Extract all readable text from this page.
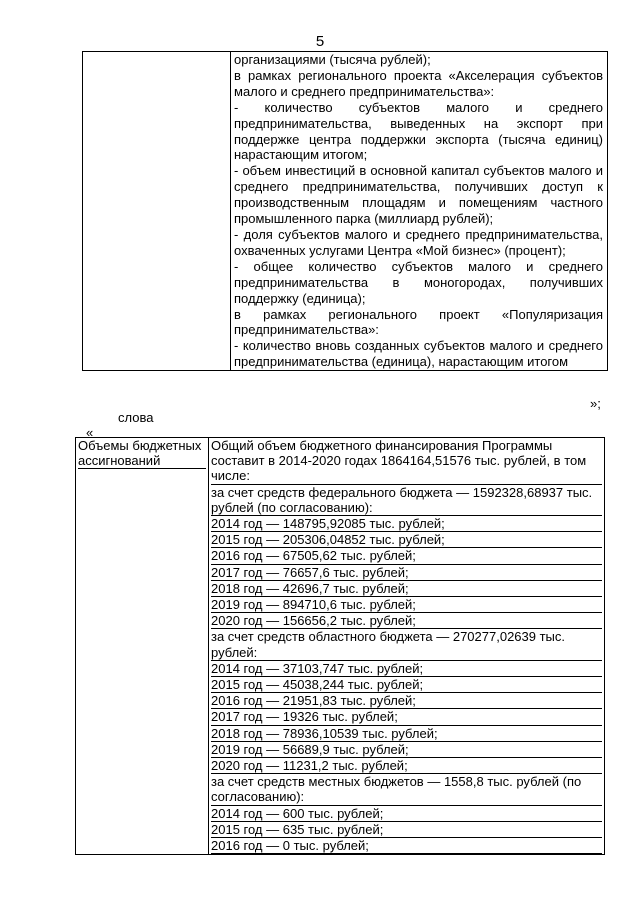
5

организациями (тысяча рублей);

в рамках регионального проекта «Акселерация субъектов малого и среднего предпринимательства»:

- количество субъектов малого и среднего предпринимательства, выведенных на экспорт при поддержке центра поддержки экспорта (тысяча единиц) нарастающим итогом;

- объем инвестиций в основной капитал субъектов малого и среднего предпринимательства, получивших доступ к производственным площадям и помещениям частного промышленного парка (миллиард рублей);

- доля субъектов малого и среднего предпринимательства, охваченных услугами Центра «Мой бизнес» (процент);

- общее количество субъектов малого и среднего предпринимательства в моногородах, получивших поддержку (единица);

в рамках регионального проект «Популяризация предпринимательства»:

- количество вновь созданных субъектов малого и среднего предпринимательства (единица), нарастающим итогом

»;
слова
«
Объемы бюджетных ассигнований

Общий объем бюджетного финансирования Программы составит в 2014-2020 годах 1864164,51576 тыс. рублей, в том числе:

за счет средств федерального бюджета — 1592328,68937 тыс. рублей (по согласованию):

2014 год — 148795,92085 тыс. рублей;

2015 год — 205306,04852 тыс. рублей;

2016 год — 67505,62 тыс. рублей;

2017 год — 76657,6 тыс. рублей;

2018 год — 42696,7 тыс. рублей;

2019 год — 894710,6 тыс. рублей;

2020 год — 156656,2 тыс. рублей;

за счет средств областного бюджета — 270277,02639 тыс. рублей:

2014 год — 37103,747 тыс. рублей;

2015 год — 45038,244 тыс. рублей;

2016 год — 21951,83 тыс. рублей;

2017 год — 19326 тыс. рублей;

2018 год — 78936,10539 тыс. рублей;

2019 год — 56689,9 тыс. рублей;

2020 год — 11231,2 тыс. рублей;

за счет средств местных бюджетов — 1558,8 тыс. рублей (по согласованию):

2014 год — 600 тыс. рублей;

2015 год — 635 тыс. рублей;

2016 год — 0 тыс. рублей;
